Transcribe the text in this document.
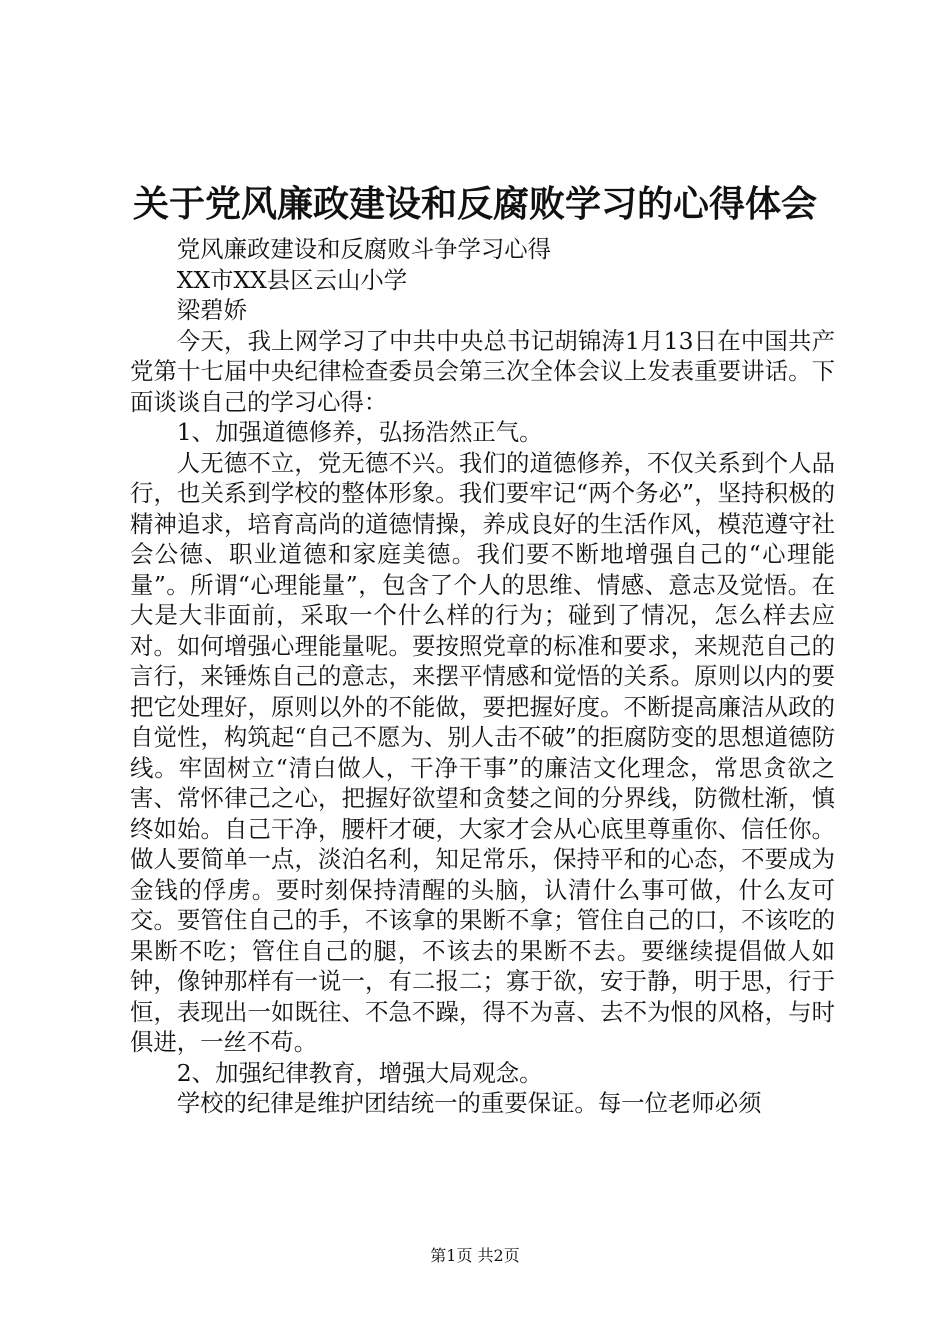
关于党风廉政建设和反腐败学习的心得体会

党风廉政建设和反腐败斗争学习心得

XX市XX县区云山小学

梁碧娇

今天，我上网学习了中共中央总书记胡锦涛1月13日在中国共产党第十七届中央纪律检查委员会第三次全体会议上发表重要讲话。下面谈谈自己的学习心得：

1、加强道德修养，弘扬浩然正气。

人无德不立，党无德不兴。我们的道德修养，不仅关系到个人品行，也关系到学校的整体形象。我们要牢记“两个务必”，坚持积极的精神追求，培育高尚的道德情操，养成良好的生活作风，模范遵守社会公德、职业道德和家庭美德。我们要不断地增强自己的“心理能量”。所谓“心理能量”，包含了个人的思维、情感、意志及觉悟。在大是大非面前，采取一个什么样的行为；碰到了情况，怎么样去应对。如何增强心理能量呢。要按照党章的标准和要求，来规范自己的言行，来锤炼自己的意志，来摆平情感和觉悟的关系。原则以内的要把它处理好，原则以外的不能做，要把握好度。不断提高廉洁从政的自觉性，构筑起“自己不愿为、别人击不破”的拒腐防变的思想道德防线。牢固树立“清白做人，干净干事”的廉洁文化理念，常思贪欲之害、常怀律己之心，把握好欲望和贪婪之间的分界线，防微杜渐，慎终如始。自己干净，腰杆才硬，大家才会从心底里尊重你、信任你。做人要简单一点，淡泊名利，知足常乐，保持平和的心态，不要成为金钱的俘虏。要时刻保持清醒的头脑，认清什么事可做，什么友可交。要管住自己的手，不该拿的果断不拿；管住自己的口，不该吃的果断不吃；管住自己的腿，不该去的果断不去。要继续提倡做人如钟，像钟那样有一说一，有二报二；寡于欲，安于静，明于思，行于恒，表现出一如既往、不急不躁，得不为喜、去不为恨的风格，与时俱进，一丝不苟。

2、加强纪律教育，增强大局观念。

学校的纪律是维护团结统一的重要保证。每一位老师必须

第1页 共2页
